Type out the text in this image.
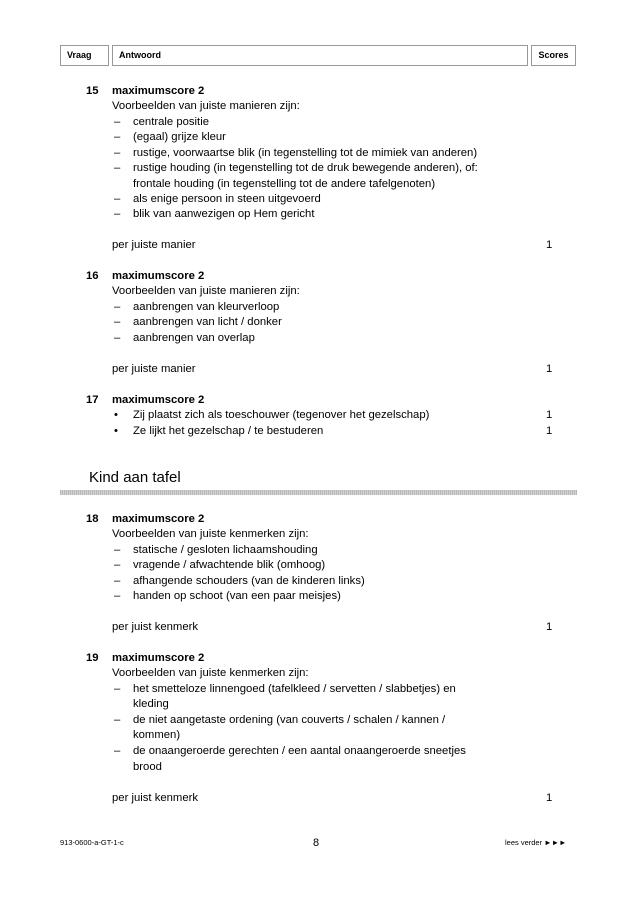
Vraag	Antwoord	Scores
15 maximumscore 2
Voorbeelden van juiste manieren zijn:
– centrale positie
– (egaal) grijze kleur
– rustige, voorwaartse blik (in tegenstelling tot de mimiek van anderen)
– rustige houding (in tegenstelling tot de druk bewegende anderen), of:
frontale houding (in tegenstelling tot de andere tafelgenoten)
– als enige persoon in steen uitgevoerd
– blik van aanwezigen op Hem gericht
per juiste manier	1
16 maximumscore 2
Voorbeelden van juiste manieren zijn:
– aanbrengen van kleurverloop
– aanbrengen van licht / donker
– aanbrengen van overlap
per juiste manier	1
17 maximumscore 2
• Zij plaatst zich als toeschouwer (tegenover het gezelschap)	1
• Ze lijkt het gezelschap / te bestuderen	1
Kind aan tafel
18 maximumscore 2
Voorbeelden van juiste kenmerken zijn:
– statische / gesloten lichaamshouding
– vragende / afwachtende blik (omhoog)
– afhangende schouders (van de kinderen links)
– handen op schoot (van een paar meisjes)
per juist kenmerk	1
19 maximumscore 2
Voorbeelden van juiste kenmerken zijn:
– het smetteloze linnengoed (tafelkleed / servetten / slabbetjes) en
kleding
– de niet aangetaste ordening (van couverts / schalen / kannen /
kommen)
– de onaangeroerde gerechten / een aantal onaangeroerde sneetjes
brood
per juist kenmerk	1
913-0600-a-GT-1-c	8	lees verder ►►►
